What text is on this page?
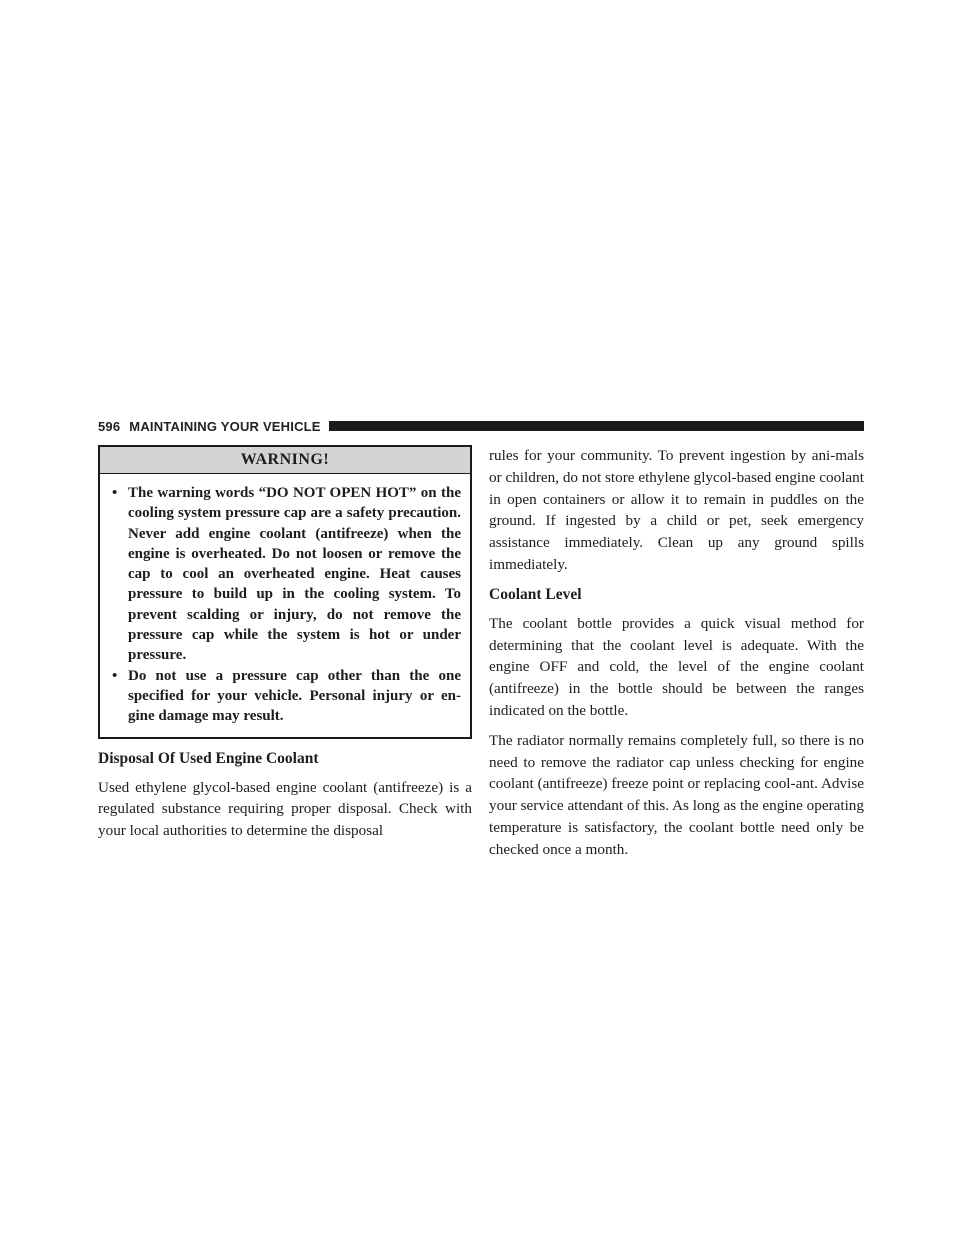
596 MAINTAINING YOUR VEHICLE
WARNING!
• The warning words “DO NOT OPEN HOT” on the cooling system pressure cap are a safety precaution. Never add engine coolant (antifreeze) when the engine is overheated. Do not loosen or remove the cap to cool an overheated engine. Heat causes pressure to build up in the cooling system. To prevent scalding or injury, do not remove the pressure cap while the system is hot or under pressure.
• Do not use a pressure cap other than the one specified for your vehicle. Personal injury or en-gine damage may result.
Disposal Of Used Engine Coolant

Used ethylene glycol-based engine coolant (antifreeze) is a regulated substance requiring proper disposal. Check with your local authorities to determine the disposal

rules for your community. To prevent ingestion by ani-mals or children, do not store ethylene glycol-based engine coolant in open containers or allow it to remain in puddles on the ground. If ingested by a child or pet, seek emergency assistance immediately. Clean up any ground spills immediately.

Coolant Level

The coolant bottle provides a quick visual method for determining that the coolant level is adequate. With the engine OFF and cold, the level of the engine coolant (antifreeze) in the bottle should be between the ranges indicated on the bottle.

The radiator normally remains completely full, so there is no need to remove the radiator cap unless checking for engine coolant (antifreeze) freeze point or replacing cool-ant. Advise your service attendant of this. As long as the engine operating temperature is satisfactory, the coolant bottle need only be checked once a month.
